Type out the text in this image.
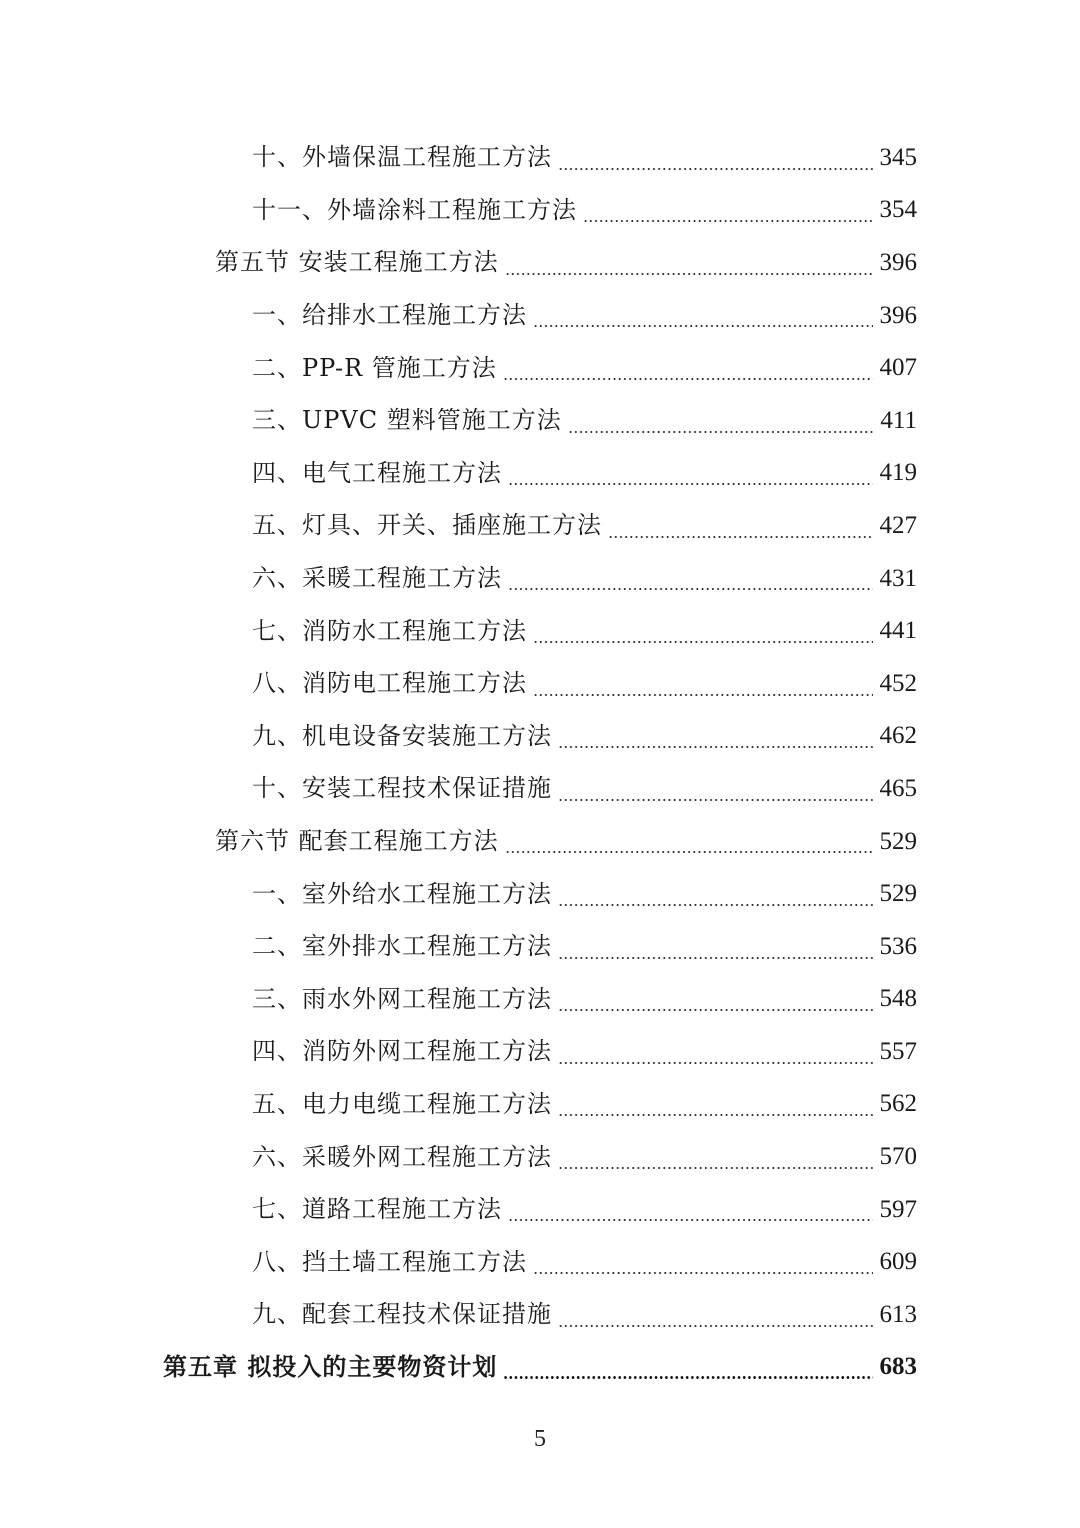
十、外墙保温工程施工方法	345
十一、外墙涂料工程施工方法	354
第五节 安装工程施工方法	396
一、给排水工程施工方法	396
二、PP-R 管施工方法	407
三、UPVC 塑料管施工方法	411
四、电气工程施工方法	419
五、灯具、开关、插座施工方法	427
六、采暖工程施工方法	431
七、消防水工程施工方法	441
八、消防电工程施工方法	452
九、机电设备安装施工方法	462
十、安装工程技术保证措施	465
第六节 配套工程施工方法	529
一、室外给水工程施工方法	529
二、室外排水工程施工方法	536
三、雨水外网工程施工方法	548
四、消防外网工程施工方法	557
五、电力电缆工程施工方法	562
六、采暖外网工程施工方法	570
七、道路工程施工方法	597
八、挡土墙工程施工方法	609
九、配套工程技术保证措施	613
第五章 拟投入的主要物资计划	683
5
